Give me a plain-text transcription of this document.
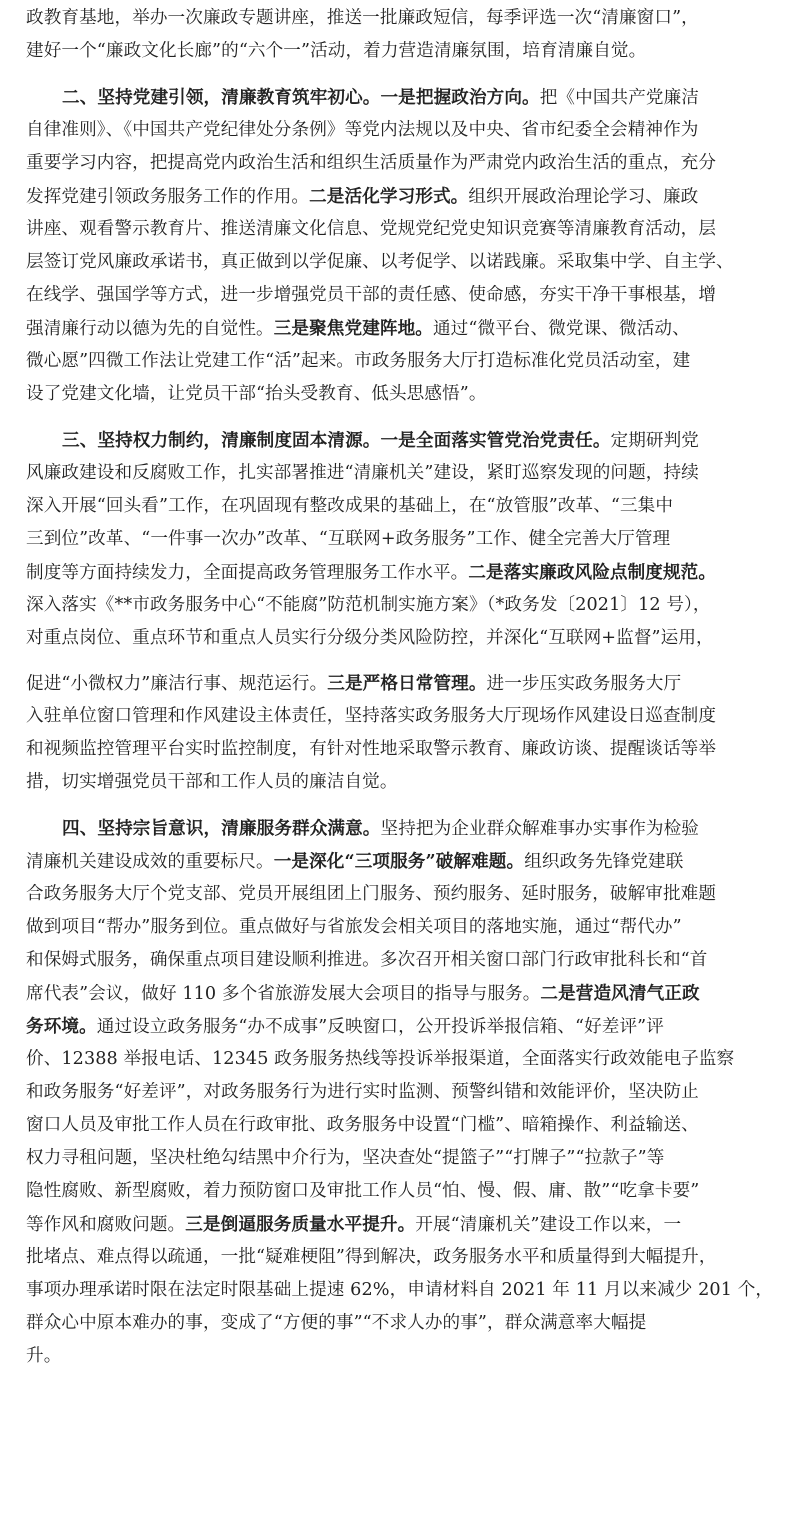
政教育基地，举办一次廉政专题讲座，推送一批廉政短信，每季评选一次“清廉窗口”，
建好一个“廉政文化长廊”的“六个一”活动，着力营造清廉氛围，培育清廉自觉。
二、坚持党建引领，清廉教育筑牢初心。一是把握政治方向。把《中国共产党廉洁
自律准则》、《中国共产党纪律处分条例》等党内法规以及中央、省市纪委全会精神作为
重要学习内容，把提高党内政治生活和组织生活质量作为严肃党内政治生活的重点，充分
发挥党建引领政务服务工作的作用。二是活化学习形式。组织开展政治理论学习、廉政
讲座、观看警示教育片、推送清廉文化信息、党规党纪党史知识竞赛等清廉教育活动，层
层签订党风廉政承诺书，真正做到以学促廉、以考促学、以诺践廉。采取集中学、自主学、
在线学、强国学等方式，进一步增强党员干部的责任感、使命感，夯实干净干事根基，增
强清廉行动以德为先的自觉性。三是聚焦党建阵地。通过“微平台、微党课、微活动、
微心愿”四微工作法让党建工作“活”起来。市政务服务大厅打造标准化党员活动室，建
设了党建文化墙，让党员干部“抬头受教育、低头思感悟”。
三、坚持权力制约，清廉制度固本清源。一是全面落实管党治党责任。定期研判党
风廉政建设和反腐败工作，扎实部署推进“清廉机关”建设，紧盯巡察发现的问题，持续
深入开展“回头看”工作，在巩固现有整改成果的基础上，在“放管服”改革、“三集中
三到位”改革、“一件事一次办”改革、“互联网+政务服务”工作、健全完善大厅管理
制度等方面持续发力，全面提高政务管理服务工作水平。二是落实廉政风险点制度规范。
深入落实《**市政务服务中心“不能腐”防范机制实施方案》（*政务发〔2021〕12 号），
对重点岗位、重点环节和重点人员实行分级分类风险防控，并深化“互联网+监督”运用，
促进“小微权力”廉洁行事、规范运行。三是严格日常管理。进一步压实政务服务大厅
入驻单位窗口管理和作风建设主体责任，坚持落实政务服务大厅现场作风建设日巡查制度
和视频监控管理平台实时监控制度，有针对性地采取警示教育、廉政访谈、提醒谈话等举
措，切实增强党员干部和工作人员的廉洁自觉。
四、坚持宗旨意识，清廉服务群众满意。坚持把为企业群众解难事办实事作为检验
清廉机关建设成效的重要标尺。一是深化“三项服务”破解难题。组织政务先锋党建联
合政务服务大厅个党支部、党员开展组团上门服务、预约服务、延时服务，破解审批难题
做到项目“帮办”服务到位。重点做好与省旅发会相关项目的落地实施，通过“帮代办”
和保姆式服务，确保重点项目建设顺利推进。多次召开相关窗口部门行政审批科长和“首
席代表”会议，做好 110 多个省旅游发展大会项目的指导与服务。二是营造风清气正政
务环境。通过设立政务服务“办不成事”反映窗口，公开投诉举报信箱、“好差评”评
价、12388 举报电话、12345 政务服务热线等投诉举报渠道，全面落实行政效能电子监察
和政务服务“好差评”，对政务服务行为进行实时监测、预警纠错和效能评价，坚决防止
窗口人员及审批工作人员在行政审批、政务服务中设置“门槛”、暗箱操作、利益输送、
权力寻租问题，坚决杜绝勾结黑中介行为，坚决查处“提篮子”“打牌子”“拉款子”等
隐性腐败、新型腐败，着力预防窗口及审批工作人员“怕、慢、假、庸、散”“吃拿卡要”
等作风和腐败问题。三是倒逼服务质量水平提升。开展“清廉机关”建设工作以来，一
批堵点、难点得以疏通，一批“疑难梗阻”得到解决，政务服务水平和质量得到大幅提升，
事项办理承诺时限在法定时限基础上提速 62%，申请材料自 2021 年 11 月以来减少 201 个，
群众心中原本难办的事，变成了“方便的事”“不求人办的事”，群众满意率大幅提
升。
